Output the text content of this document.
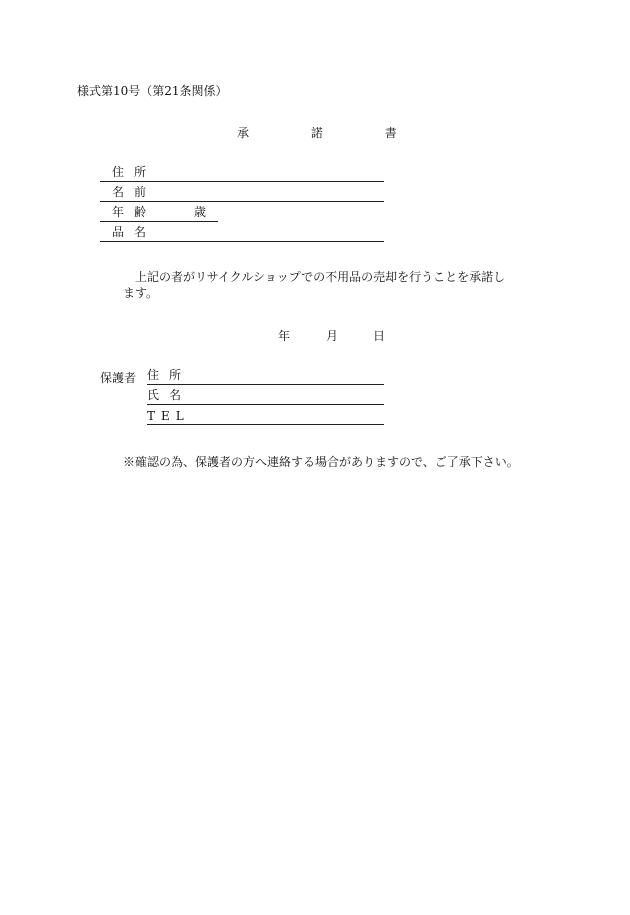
様式第10号（第21条関係）
承	諾	書
住所
名前
年齢	歳
品名
上記の者がリサイクルショップでの不用品の売却を行うことを承諾し
ます。
年	月	日
保護者 住所
氏名
TEL
※確認の為、保護者の方へ連絡する場合がありますので、ご了承下さい。
